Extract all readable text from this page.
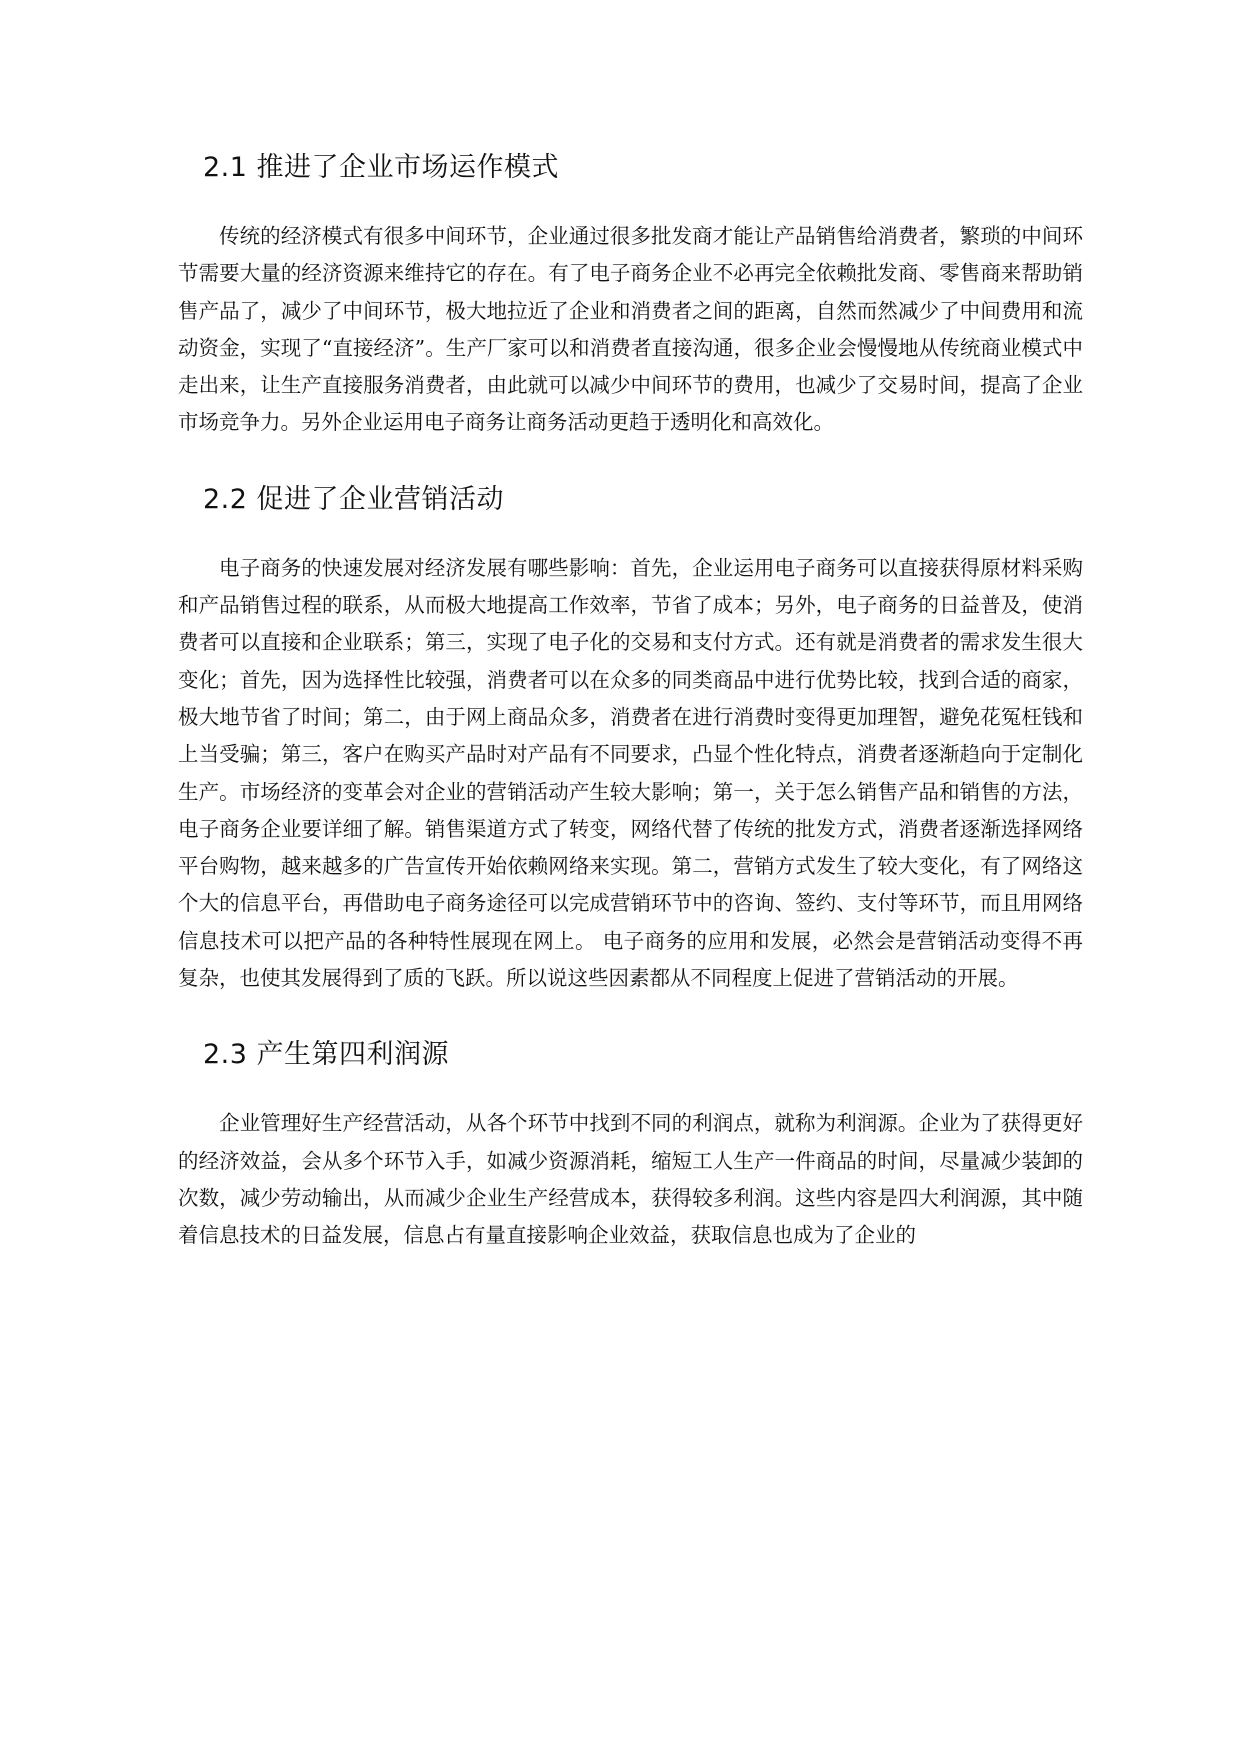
2.1 推进了企业市场运作模式

传统的经济模式有很多中间环节，企业通过很多批发商才能让产品销售给消费者，繁琐的中间环节需要大量的经济资源来维持它的存在。有了电子商务企业不必再完全依赖批发商、零售商来帮助销售产品了，减少了中间环节，极大地拉近了企业和消费者之间的距离，自然而然减少了中间费用和流动资金，实现了“直接经济”。生产厂家可以和消费者直接沟通，很多企业会慢慢地从传统商业模式中走出来，让生产直接服务消费者，由此就可以减少中间环节的费用，也减少了交易时间，提高了企业市场竞争力。另外企业运用电子商务让商务活动更趋于透明化和高效化。

2.2 促进了企业营销活动

电子商务的快速发展对经济发展有哪些影响：首先，企业运用电子商务可以直接获得原材料采购和产品销售过程的联系，从而极大地提高工作效率，节省了成本；另外，电子商务的日益普及，使消费者可以直接和企业联系；第三，实现了电子化的交易和支付方式。还有就是消费者的需求发生很大变化；首先，因为选择性比较强，消费者可以在众多的同类商品中进行优势比较，找到合适的商家，极大地节省了时间；第二，由于网上商品众多，消费者在进行消费时变得更加理智，避免花冤枉钱和上当受骗；第三，客户在购买产品时对产品有不同要求，凸显个性化特点，消费者逐渐趋向于定制化生产。市场经济的变革会对企业的营销活动产生较大影响；第一，关于怎么销售产品和销售的方法，电子商务企业要详细了解。销售渠道方式了转变，网络代替了传统的批发方式，消费者逐渐选择网络平台购物，越来越多的广告宣传开始依赖网络来实现。第二，营销方式发生了较大变化，有了网络这个大的信息平台，再借助电子商务途径可以完成营销环节中的咨询、签约、支付等环节，而且用网络信息技术可以把产品的各种特性展现在网上。 电子商务的应用和发展，必然会是营销活动变得不再复杂，也使其发展得到了质的飞跃。所以说这些因素都从不同程度上促进了营销活动的开展。

2.3 产生第四利润源

企业管理好生产经营活动，从各个环节中找到不同的利润点，就称为利润源。企业为了获得更好的经济效益，会从多个环节入手，如减少资源消耗，缩短工人生产一件商品的时间，尽量减少装卸的次数，减少劳动输出，从而减少企业生产经营成本，获得较多利润。这些内容是四大利润源，其中随着信息技术的日益发展，信息占有量直接影响企业效益，获取信息也成为了企业的
